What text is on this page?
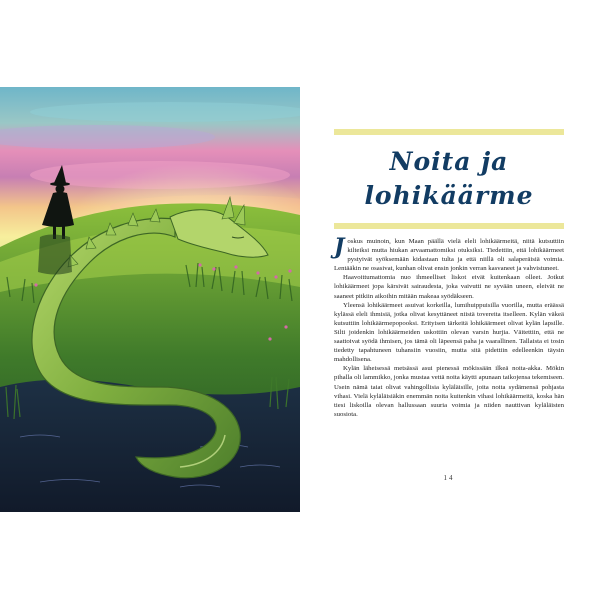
Noita ja
lohikäärme

Joskus muinoin, kun Maan päällä vielä eleli lohikäärmeitä, niitä kutsuttiin kilteiksi mutta hiukan arvaamattomiksi otuksiksi. Tiedettiin, että lohikäärmeet pystyivät syöksemään kidastaan tulta ja että niillä oli salaperäisiä voimia. Lentääkin ne osasivat, kunhan olivat ensin jonkin verran kasvaneet ja vahvistuneet.

Haavoittumattomia nuo ihmeelliset liskot eivät kuitenkaan olleet. Jotkut lohikäärmeet jopa kärsivät sairaudesta, joka vaivutti ne syvään uneen, eleivät ne saaneet pitkiin aikoihin mitään makeaa syödäkseen.

Yleensä lohikäärmeet asuivat korkeilla, lumihuippuisilla vuorilla, mutta eräässä kylässä eleli ihmisiä, jotka olivat kesyttäneet niistä tovereita itselleen. Kylän väkeä kutsuttiin lohikäärmepopooksi. Erityisen tärkeitä lohikäärmeet olivat kylän lapsille. Silti joidenkin lohikäärmeiden uskottiin olevan varsin hurjia. Väitettiin, että ne saattoivat syödä ihmisen, jos tämä oli läpeensä paha ja vaarallinen. Tallaista ei tosin tiedetty tapahtuneen tuhansiin vuosiin, mutta sitä pidettiin edelleenkin täysin mahdollisena.

Kylän läheisessä metsässä asui pienessä mökissään ilkeä noita-akka. Mökin pihalla oli lammikko, jonka mustaa vettä noita käytti apunaan taikojensa tekemiseen. Usein nämä taiat olivat vahingollisia kyläläisille, joita noita sydämensä pohjasta vihasi. Vielä kyläläisiäkin enemmän noita kuitenkin vihasi lohikäärmeitä, koska hän tiesi liskoilla olevan hallussaan suuria voimia ja niiden nauttivan kyläläisten suosiota.

14
